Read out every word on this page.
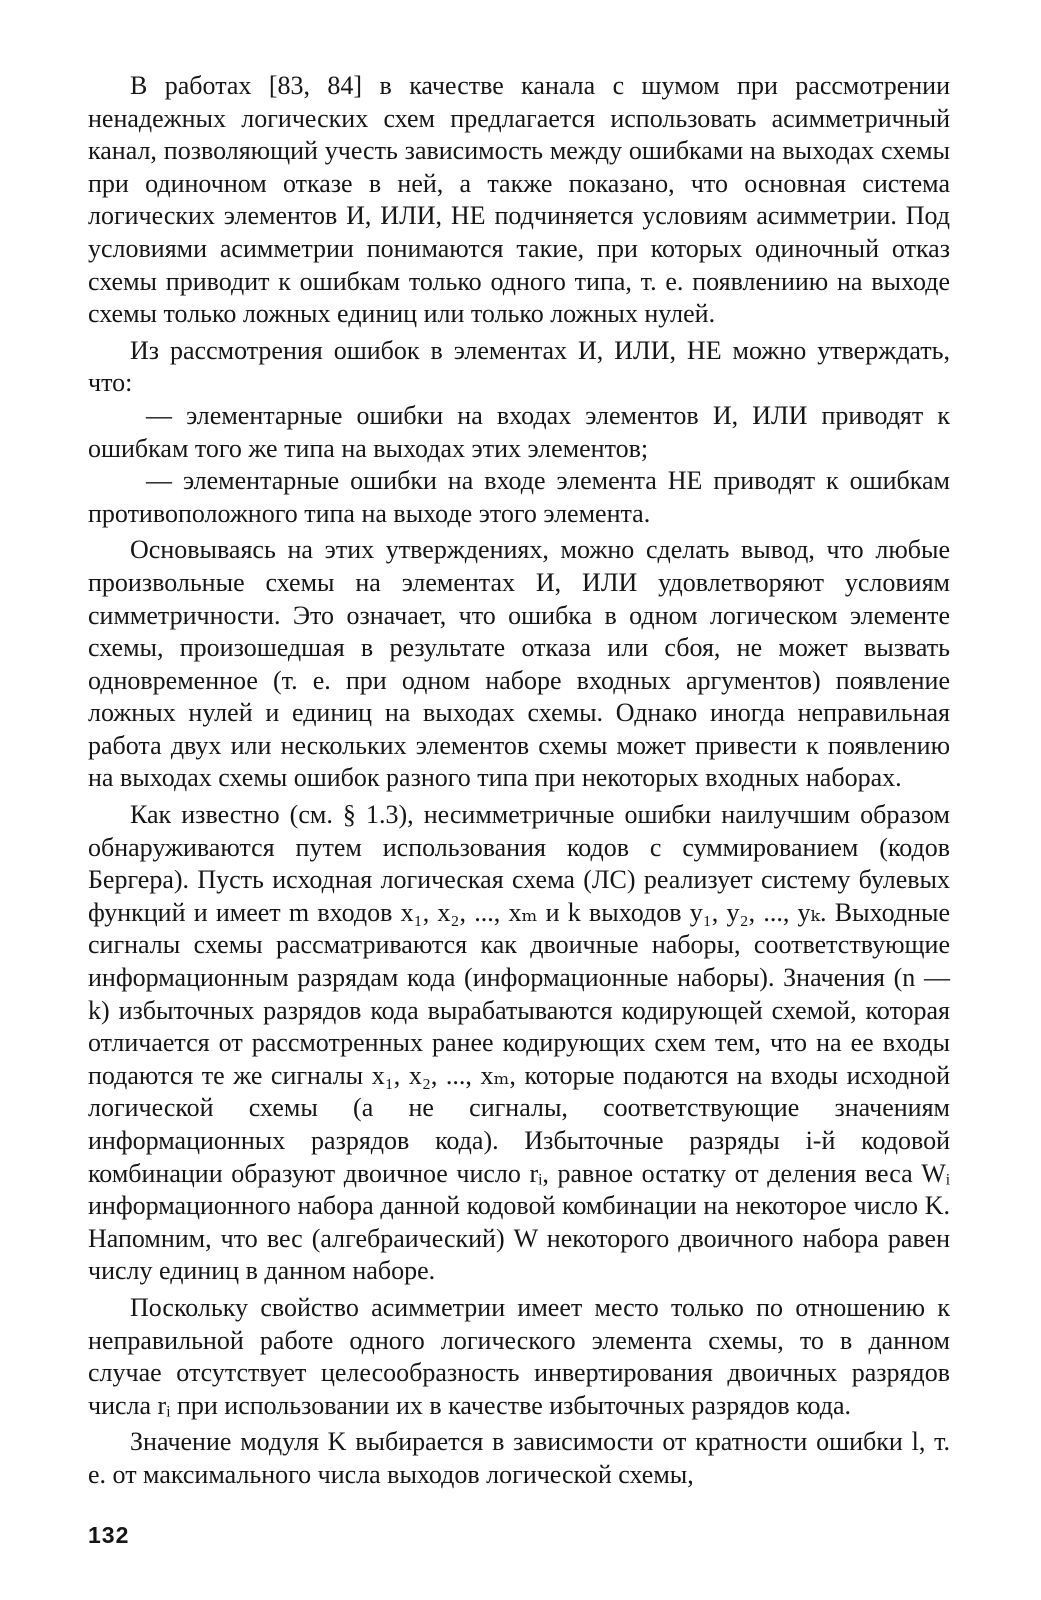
В работах [83, 84] в качестве канала с шумом при рассмотрении ненадежных логических схем предлагается использовать асимметричный канал, позволяющий учесть зависимость между ошибками на выходах схемы при одиночном отказе в ней, а также показано, что основная система логических элементов И, ИЛИ, НЕ подчиняется условиям асимметрии. Под условиями асимметрии понимаются такие, при которых одиночный отказ схемы приводит к ошибкам только одного типа, т. е. появлениию на выходе схемы только ложных единиц или только ложных нулей.

Из рассмотрения ошибок в элементах И, ИЛИ, НЕ можно утверждать, что:

— элементарные ошибки на входах элементов И, ИЛИ приводят к ошибкам того же типа на выходах этих элементов;

— элементарные ошибки на входе элемента НЕ приводят к ошибкам противоположного типа на выходе этого элемента.

Основываясь на этих утверждениях, можно сделать вывод, что любые произвольные схемы на элементах И, ИЛИ удовлетворяют условиям симметричности. Это означает, что ошибка в одном логическом элементе схемы, произошедшая в результате отказа или сбоя, не может вызвать одновременное (т. е. при одном наборе входных аргументов) появление ложных нулей и единиц на выходах схемы. Однако иногда неправильная работа двух или нескольких элементов схемы может привести к появлению на выходах схемы ошибок разного типа при некоторых входных наборах.

Как известно (см. § 1.3), несимметричные ошибки наилучшим образом обнаруживаются путем использования кодов с суммированием (кодов Бергера). Пусть исходная логическая схема (ЛС) реализует систему булевых функций и имеет m входов x₁, x₂, ..., xₘ и k выходов y₁, y₂, ..., yₖ. Выходные сигналы схемы рассматриваются как двоичные наборы, соответствующие информационным разрядам кода (информационные наборы). Значения (n — k) избыточных разрядов кода вырабатываются кодирующей схемой, которая отличается от рассмотренных ранее кодирующих схем тем, что на ее входы подаются те же сигналы x₁, x₂, ..., xₘ, которые подаются на входы исходной логической схемы (а не сигналы, соответствующие значениям информационных разрядов кода). Избыточные разряды i-й кодовой комбинации образуют двоичное число rᵢ, равное остатку от деления веса Wᵢ информационного набора данной кодовой комбинации на некоторое число K. Напомним, что вес (алгебраический) W некоторого двоичного набора равен числу единиц в данном наборе.

Поскольку свойство асимметрии имеет место только по отношению к неправильной работе одного логического элемента схемы, то в данном случае отсутствует целесообразность инвертирования двоичных разрядов числа rᵢ при использовании их в качестве избыточных разрядов кода.

Значение модуля K выбирается в зависимости от кратности ошибки l, т. е. от максимального числа выходов логической схемы,

132
